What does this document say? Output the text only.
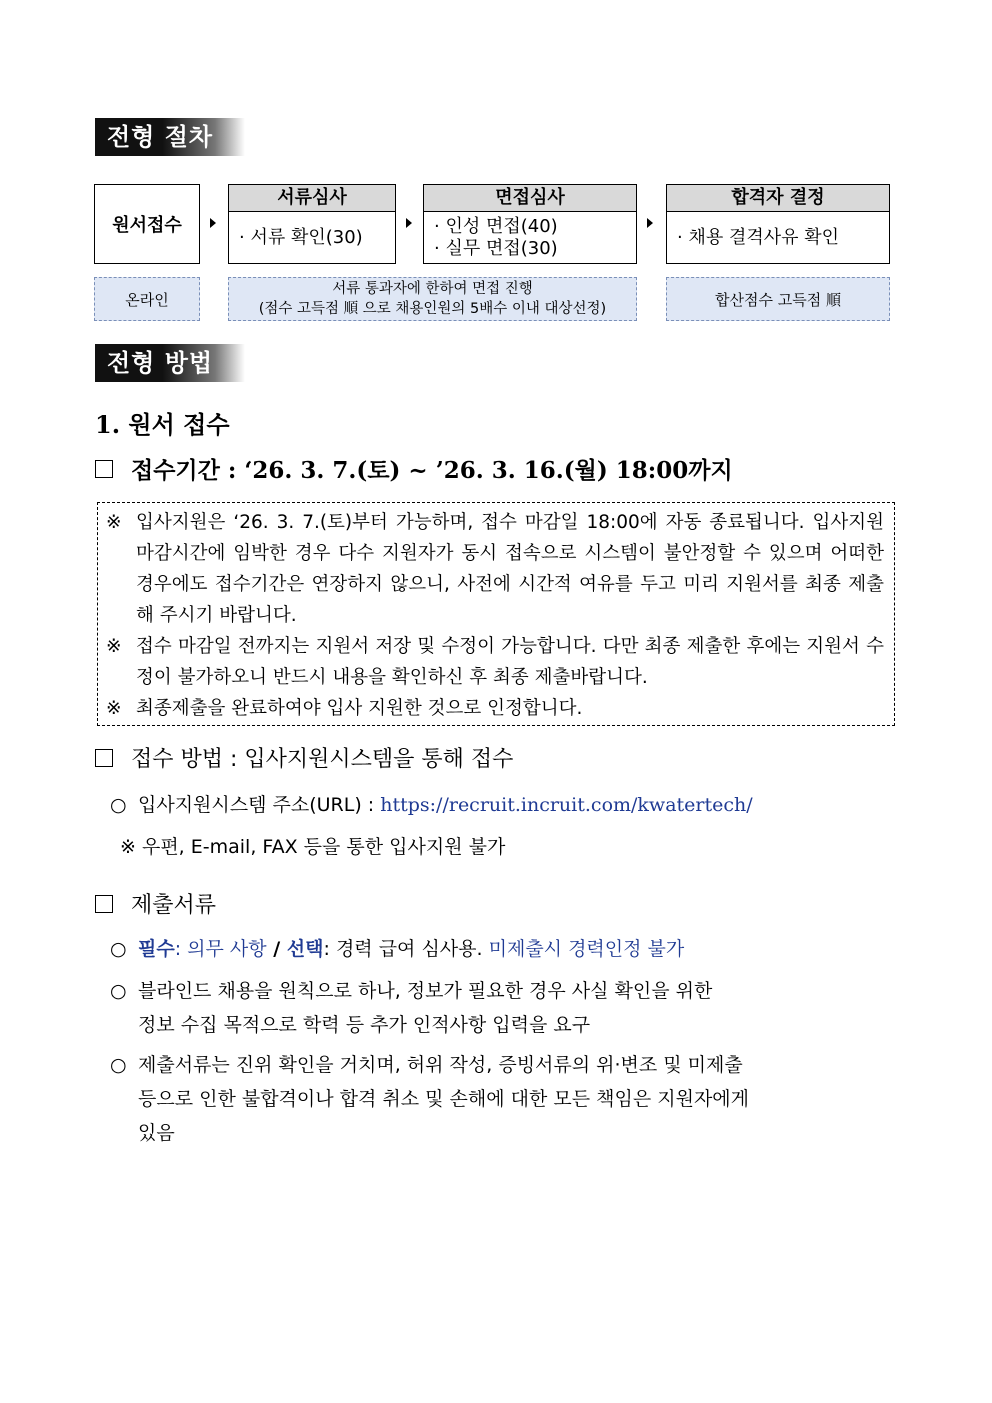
전형 절차
원서접수
서류심사
· 서류 확인(30)
면접심사
· 인성 면접(40)
· 실무 면접(30)
합격자 결정
· 채용 결격사유 확인
온라인
서류 통과자에 한하여 면접 진행
(점수 고득점 順 으로 채용인원의 5배수 이내 대상선정)
합산점수 고득점 順
전형 방법
1. 원서 접수
접수기간 : ‘26. 3. 7.(토) ~ ’26. 3. 16.(월) 18:00까지

※ 입사지원은 ‘26. 3. 7.(토)부터 가능하며, 접수 마감일 18:00에 자동 종료됩니다. 입사지원 마감시간에 임박한 경우 다수 지원자가 동시 접속으로 시스템이 불안정할 수 있으며 어떠한 경우에도 접수기간은 연장하지 않으니, 사전에 시간적 여유를 두고 미리 지원서를 최종 제출해 주시기 바랍니다.

※ 접수 마감일 전까지는 지원서 저장 및 수정이 가능합니다. 다만 최종 제출한 후에는 지원서 수정이 불가하오니 반드시 내용을 확인하신 후 최종 제출바랍니다.

※ 최종제출을 완료하여야 입사 지원한 것으로 인정합니다.

접수 방법 : 입사지원시스템을 통해 접수
○ 입사지원시스템 주소(URL) :
https://recruit.incruit.com/kwatertech/
※ 우편, E-mail, FAX 등을 통한 입사지원 불가
제출서류
○ 필수: 의무 사항 / 선택: 경력 급여 심사용. 미제출시 경력인정 불가
○ 블라인드 채용을 원칙으로 하나, 정보가 필요한 경우 사실 확인을 위한
정보 수집 목적으로 학력 등 추가 인적사항 입력을 요구
○ 제출서류는 진위 확인을 거치며, 허위 작성, 증빙서류의 위·변조 및 미제출
등으로 인한 불합격이나 합격 취소 및 손해에 대한 모든 책임은 지원자에게
있음
